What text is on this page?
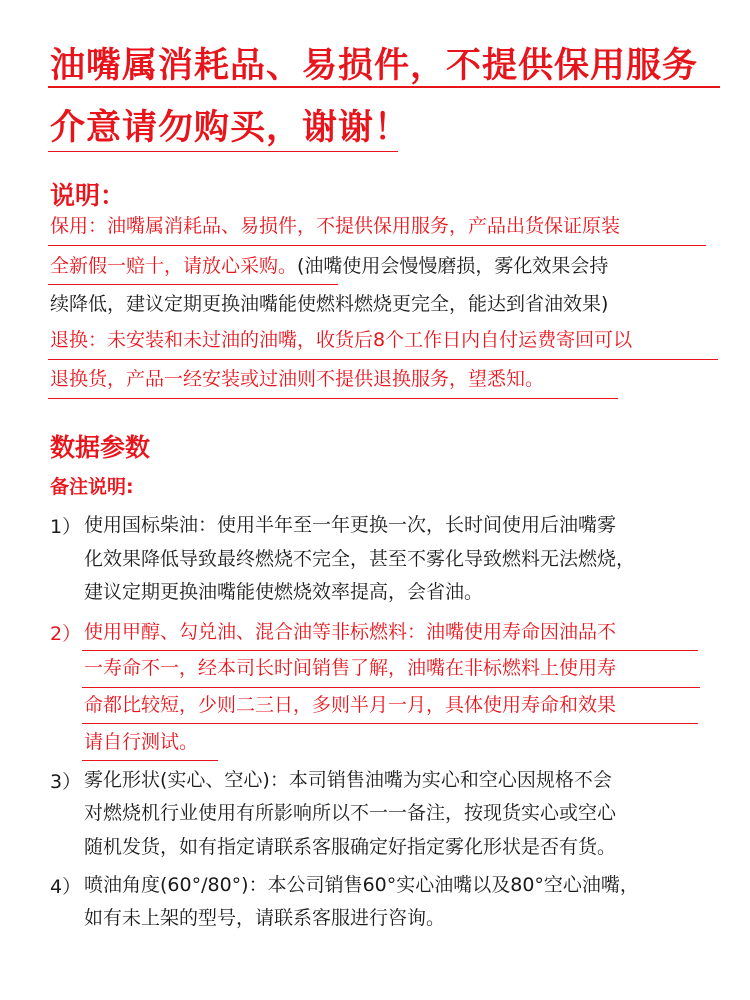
油嘴属消耗品、易损件，不提供保用服务
介意请勿购买，谢谢！
说明：
保用：油嘴属消耗品、易损件，不提供保用服务，产品出货保证原装
全新假一赔十，请放心采购。(油嘴使用会慢慢磨损，雾化效果会持
续降低，建议定期更换油嘴能使燃料燃烧更完全，能达到省油效果)
退换：未安装和未过油的油嘴，收货后8个工作日内自付运费寄回可以
退换货，产品一经安装或过油则不提供退换服务，望悉知。
数据参数
备注说明:
1） 使用国标柴油：使用半年至一年更换一次，长时间使用后油嘴雾
化效果降低导致最终燃烧不完全，甚至不雾化导致燃料无法燃烧，
建议定期更换油嘴能使燃烧效率提高，会省油。
2） 使用甲醇、勾兑油、混合油等非标燃料：油嘴使用寿命因油品不
一寿命不一，经本司长时间销售了解，油嘴在非标燃料上使用寿
命都比较短，少则二三日，多则半月一月，具体使用寿命和效果
请自行测试。
3） 雾化形状(实心、空心)：本司销售油嘴为实心和空心因规格不会
对燃烧机行业使用有所影响所以不一一备注，按现货实心或空心
随机发货，如有指定请联系客服确定好指定雾化形状是否有货。
4） 喷油角度(60°/80°)：本公司销售60°实心油嘴以及80°空心油嘴，
如有未上架的型号，请联系客服进行咨询。
